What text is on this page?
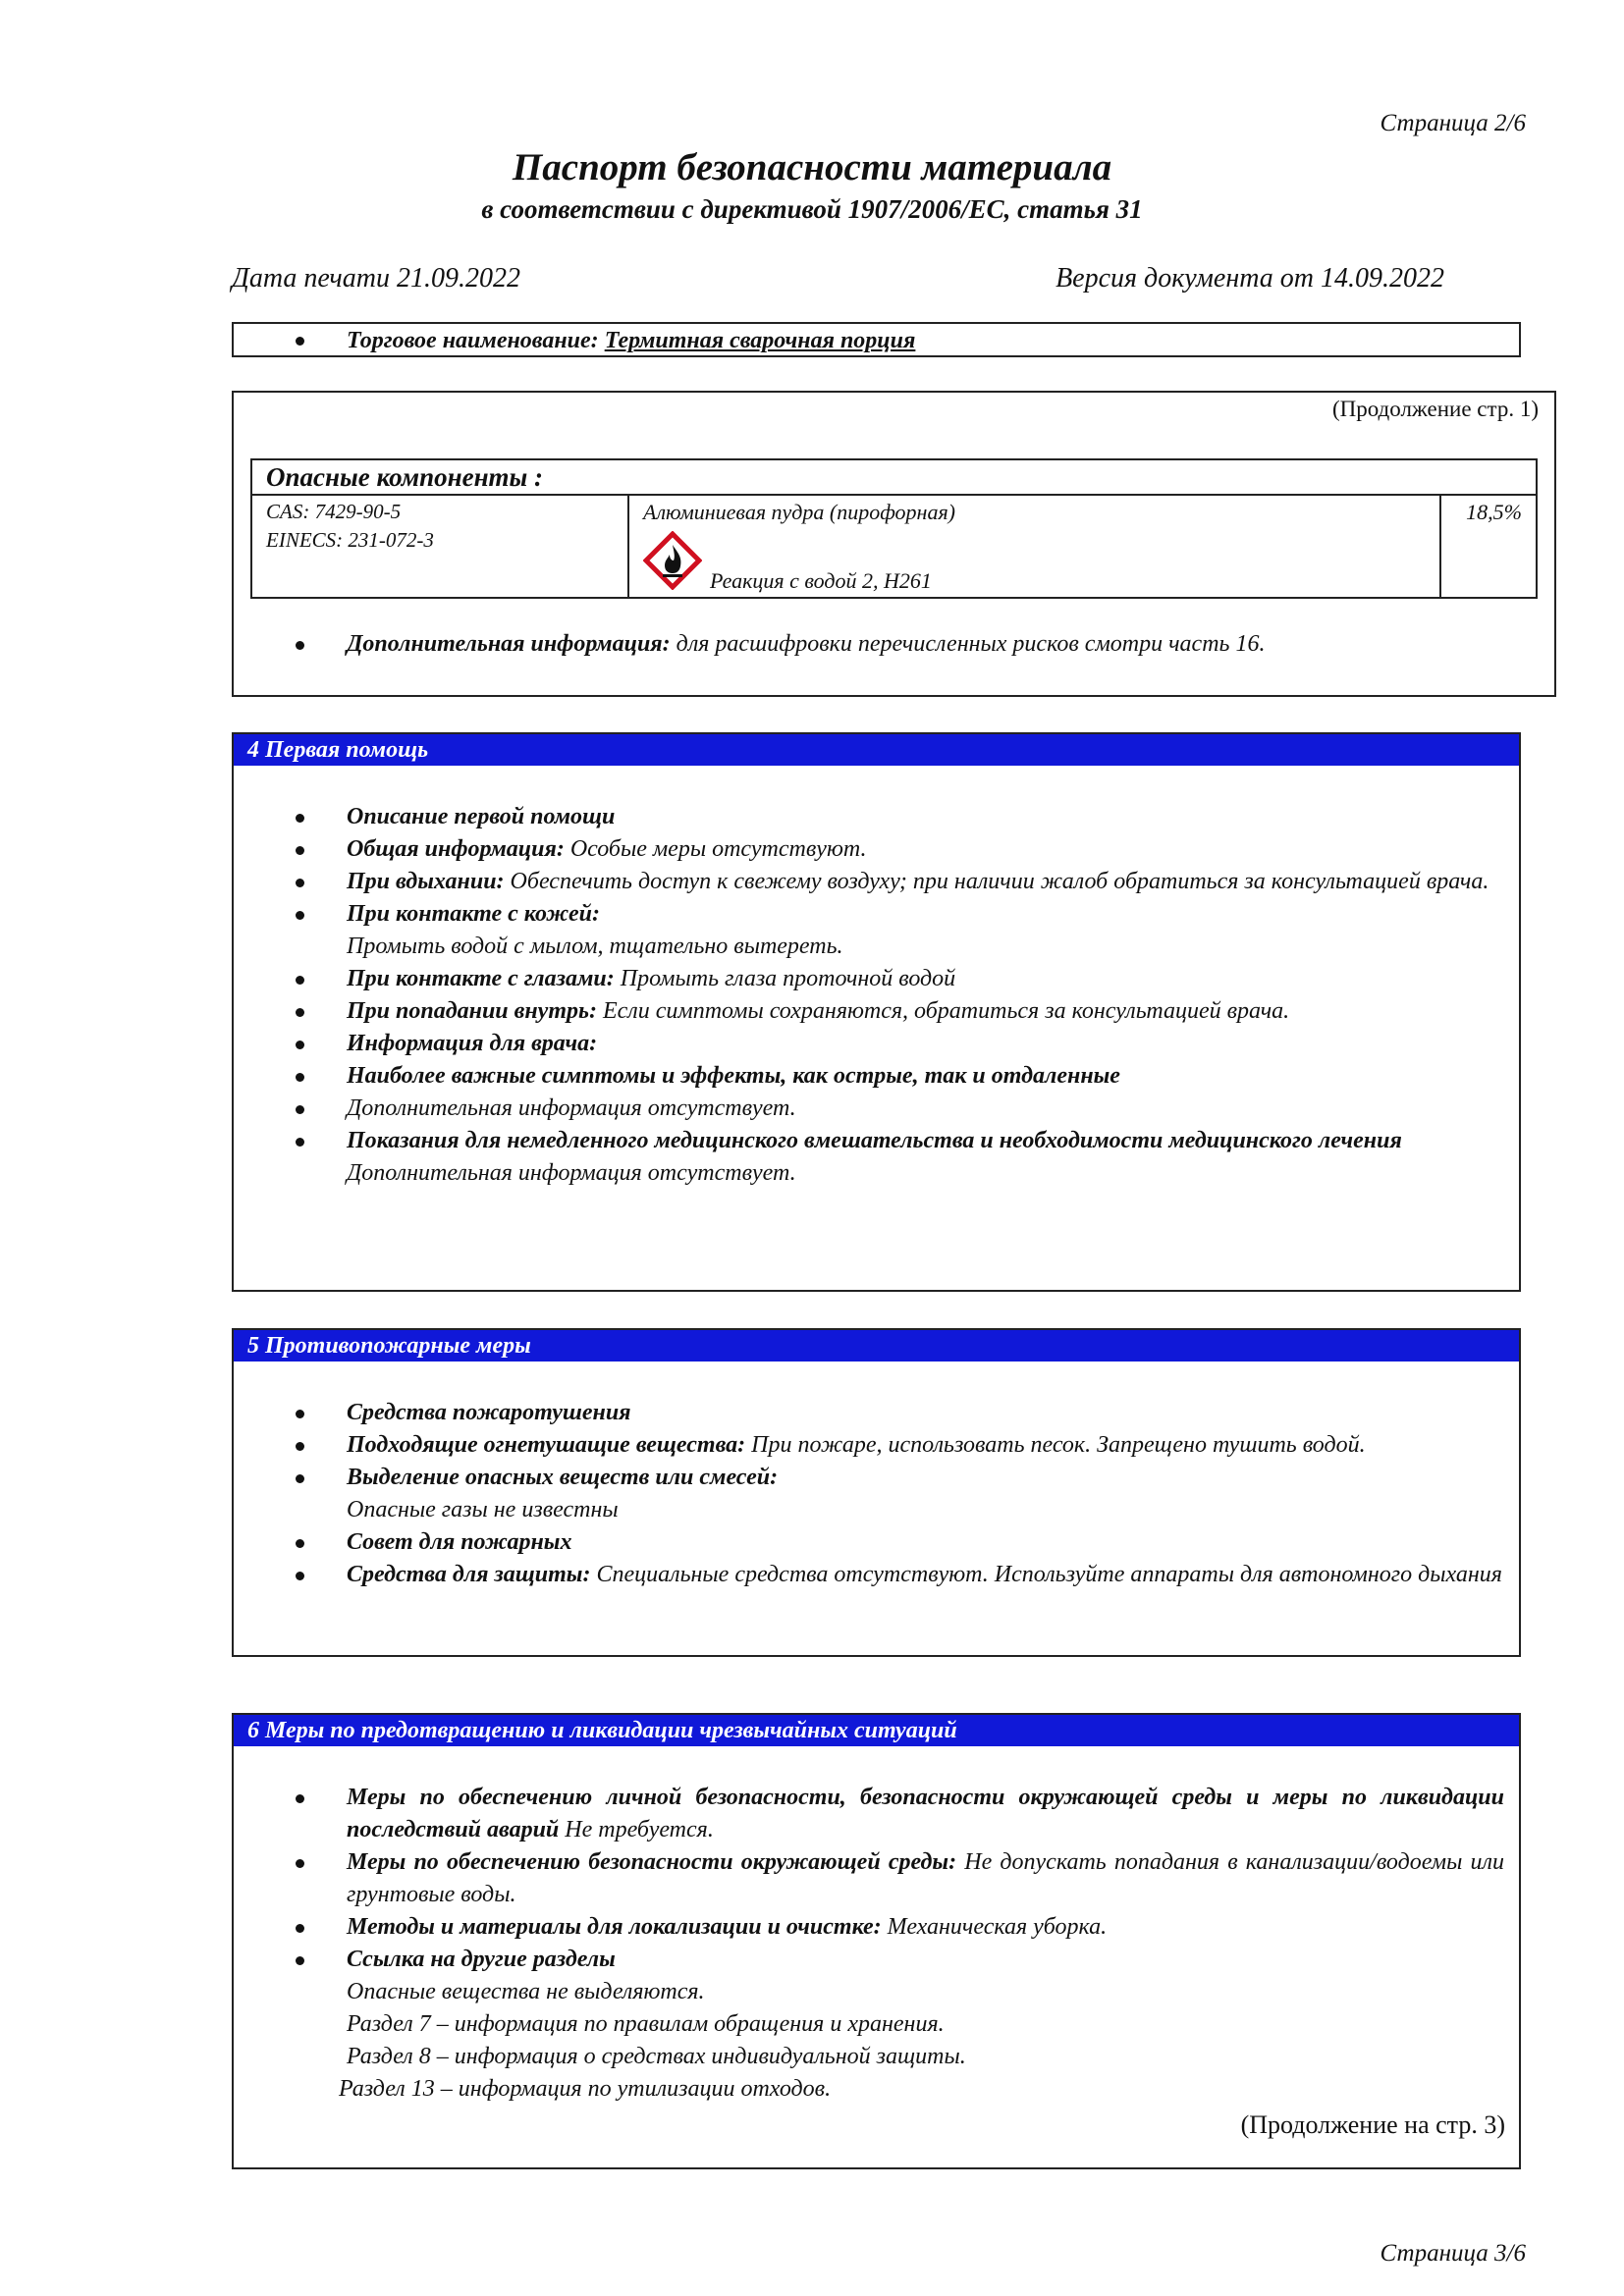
Страница 2/6
Паспорт безопасности материала
в соответствии с директивой 1907/2006/ЕС, статья 31
Дата печати 21.09.2022	Версия документа от 14.09.2022
Торговое наименование: Термитная сварочная порция
(Продолжение стр. 1)
Опасные компоненты :
CAS: 7429-90-5
EINECS: 231-072-3
Алюминиевая пудра (пирофорная)
Реакция с водой 2, H261
18,5%
Дополнительная информация: для расшифровки перечисленных рисков смотри часть 16.
4 Первая помощь
Описание первой помощи
Общая информация: Особые меры отсутствуют.
При вдыхании: Обеспечить доступ к свежему воздуху; при наличии жалоб обратиться за консультацией врача.
При контакте с кожей:
Промыть водой с мылом, тщательно вытереть.
При контакте с глазами: Промыть глаза проточной водой
При попадании внутрь: Если симптомы сохраняются, обратиться за консультацией врача.
Информация для врача:
Наиболее важные симптомы и эффекты, как острые, так и отдаленные
Дополнительная информация отсутствует.
Показания для немедленного медицинского вмешательства и необходимости медицинского лечения
Дополнительная информация отсутствует.
5 Противопожарные меры
Средства пожаротушения
Подходящие огнетушащие вещества: При пожаре, использовать песок. Запрещено тушить водой.
Выделение опасных веществ или смесей:
Опасные газы не известны
Совет для пожарных
Средства для защиты: Специальные средства отсутствуют. Используйте аппараты для автономного дыхания
6 Меры по предотвращению и ликвидации чрезвычайных ситуаций
Меры по обеспечению личной безопасности, безопасности окружающей среды и меры по ликвидации последствий аварий Не требуется.
Меры по обеспечению безопасности окружающей среды: Не допускать попадания в канализации/водоемы или грунтовые воды.
Методы и материалы для локализации и очистке: Механическая уборка.
Ссылка на другие разделы
Опасные вещества не выделяются.
Раздел 7 – информация по правилам обращения и хранения.
Раздел 8 – информация о средствах индивидуальной защиты.
Раздел 13 – информация по утилизации отходов.
(Продолжение на стр. 3)
Страница 3/6
